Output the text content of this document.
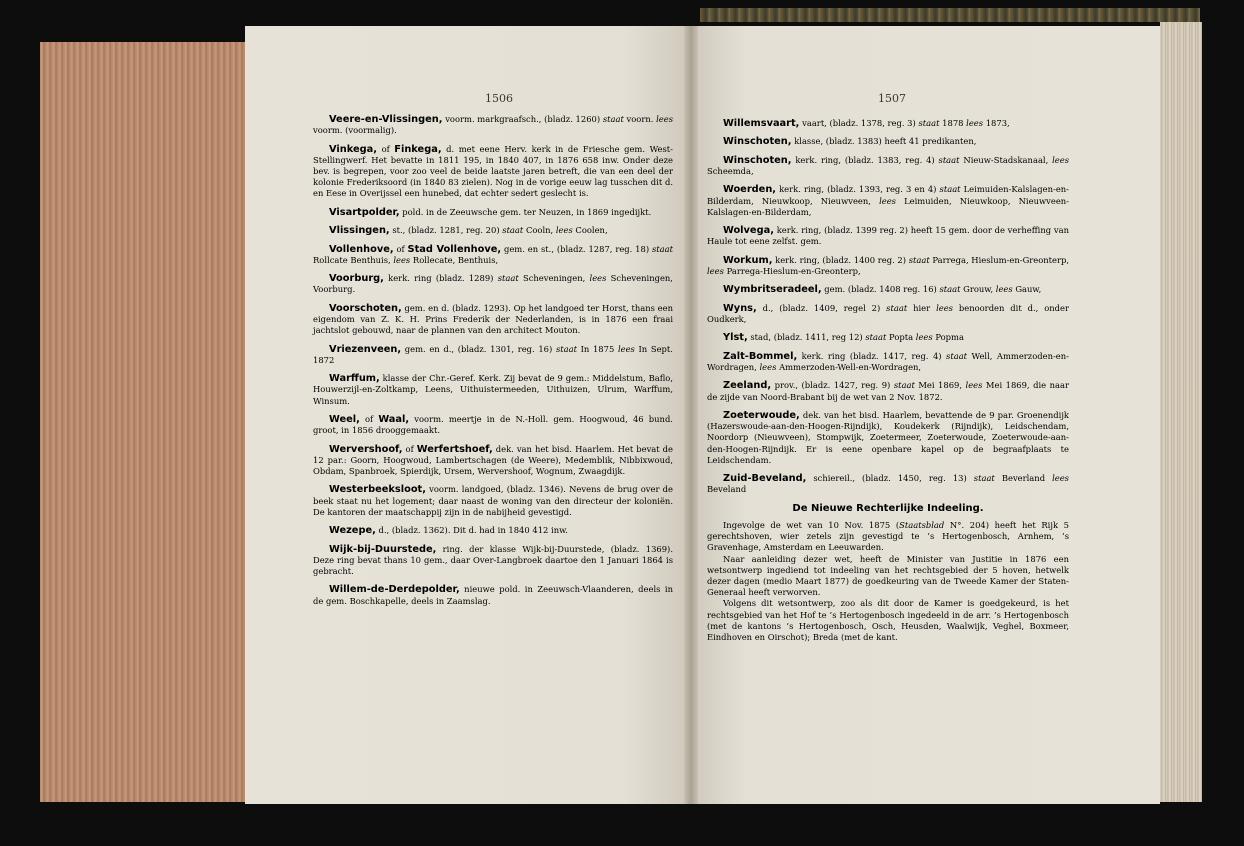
1506	1507
Veere-en-Vlissingen, voorm. markgraafsch., (bladz. 1260) staat voorn. lees voorm. (voormalig).
Vinkega, of Finkega, d. met eene Herv. kerk in de Friesche gem. West-Stellingwerf. Het bevatte in 1811 195, in 1840 407, in 1876 658 inw. Onder deze bev. is begrepen, voor zoo veel de beide laatste jaren betreft, die van een deel der kolonie Frederiksoord (in 1840 83 zielen). Nog in de vorige eeuw lag tusschen dit d. en Eese in Overijssel een hunebed, dat echter sedert geslecht is.
Visartpolder, pold. in de Zeeuwsche gem. ter Neuzen, in 1869 ingedijkt.
Vlissingen, st., (bladz. 1281, reg. 20) staat Cooln, lees Coolen,
Vollenhove, of Stad Vollenhove, gem. en st., (bladz. 1287, reg. 18) staat Rollcate Benthuis, lees Rollecate, Benthuis,
Voorburg, kerk. ring (bladz. 1289) staat Scheveningen, lees Scheveningen, Voorburg.
Voorschoten, gem. en d. (bladz. 1293). Op het landgoed ter Horst, thans een eigendom van Z. K. H. Prins Frederik der Nederlanden, is in 1876 een fraai jachtslot gebouwd, naar de plannen van den architect Mouton.
Vriezenveen, gem. en d., (bladz. 1301, reg. 16) staat In 1875 lees In Sept. 1872
Warffum, klasse der Chr.-Geref. Kerk. Zij bevat de 9 gem.: Middelstum, Baflo, Houwerzijl-en-Zoltkamp, Leens, Uithuistermeeden, Uithuizen, Ulrum, Warffum, Winsum.
Weel, of Waal, voorm. meertje in de N.-Holl. gem. Hoogwoud, 46 bund. groot, in 1856 drooggemaakt.
Wervershoof, of Werfertshoef, dek. van het bisd. Haarlem. Het bevat de 12 par.: Goorn, Hoogwoud, Lambertschagen (de Weere), Medemblik, Nibbixwoud, Obdam, Spanbroek, Spierdijk, Ursem, Wervershoof, Wognum, Zwaagdijk.
Westerbeeksloot, voorm. landgoed, (bladz. 1346). Nevens de brug over de beek staat nu het logement; daar naast de woning van den directeur der koloniën. De kantoren der maatschappij zijn in de nabijheid gevestigd.
Wezepe, d., (bladz. 1362). Dit d. had in 1840 412 inw.
Wijk-bij-Duurstede, ring. der klasse Wijk-bij-Duurstede, (bladz. 1369). Deze ring bevat thans 10 gem., daar Over-Langbroek daartoe den 1 Januari 1864 is gebracht.
Willem-de-Derdepolder, nieuwe pold. in Zeeuwsch-Vlaanderen, deels in de gem. Boschkapelle, deels in Zaamslag.
Willemsvaart, vaart, (bladz. 1378, reg. 3) staat 1878 lees 1873,
Winschoten, klasse, (bladz. 1383) heeft 41 predikanten,
Winschoten, kerk. ring, (bladz. 1383, reg. 4) staat Nieuw-Stadskanaal, lees Scheemda,
Woerden, kerk. ring, (bladz. 1393, reg. 3 en 4) staat Leimuiden-Kalslagen-en-Bilderdam, Nieuwkoop, Nieuwveen, lees Leimuiden, Nieuwkoop, Nieuwveen-Kalslagen-en-Bilderdam,
Wolvega, kerk. ring, (bladz. 1399 reg. 2) heeft 15 gem. door de verheffing van Haule tot eene zelfst. gem.
Workum, kerk. ring, (bladz. 1400 reg. 2) staat Parrega, Hieslum-en-Greonterp, lees Parrega-Hieslum-en-Greonterp,
Wymbritseradeel, gem. (bladz. 1408 reg. 16) staat Grouw, lees Gauw,
Wyns, d., (bladz. 1409, regel 2) staat hier lees benoorden dit d., onder Oudkerk,
Ylst, stad, (bladz. 1411, reg 12) staat Popta lees Popma
Zalt-Bommel, kerk. ring (bladz. 1417, reg. 4) staat Well, Ammerzoden-en-Wordragen, lees Ammerzoden-Well-en-Wordragen,
Zeeland, prov., (bladz. 1427, reg. 9) staat Mei 1869, lees Mei 1869, die naar de zijde van Noord-Brabant bij de wet van 2 Nov. 1872.
Zoeterwoude, dek. van het bisd. Haarlem, bevattende de 9 par. Groenendijk (Hazerswoude-aan-den-Hoogen-Rijndijk), Koudekerk (Rijndijk), Leidschendam, Noordorp (Nieuwveen), Stompwijk, Zoetermeer, Zoeterwoude, Zoeterwoude-aan-den-Hoogen-Rijndijk. Er is eene openbare kapel op de begraafplaats te Leidschendam.
Zuid-Beveland, schiereil., (bladz. 1450, reg. 13) staat Beverland lees Beveland
De Nieuwe Rechterlijke Indeeling.
Ingevolge de wet van 10 Nov. 1875 (Staatsblad N°. 204) heeft het Rijk 5 gerechtshoven, wier zetels zijn gevestigd te ’s Hertogenbosch, Arnhem, ’s Gravenhage, Amsterdam en Leeuwarden.
Naar aanleiding dezer wet, heeft de Minister van Justitie in 1876 een wetsontwerp ingediend tot indeeling van het rechtsgebied der 5 hoven, hetwelk dezer dagen (medio Maart 1877) de goedkeuring van de Tweede Kamer der Staten-Generaal heeft verworven.
Volgens dit wetsontwerp, zoo als dit door de Kamer is goedgekeurd, is het rechtsgebied van het Hof te ’s Hertogenbosch ingedeeld in de arr. ’s Hertogenbosch (met de kantons ’s Hertogenbosch, Osch, Heusden, Waalwijk, Veghel, Boxmeer, Eindhoven en Oirschot); Breda (met de kant.
